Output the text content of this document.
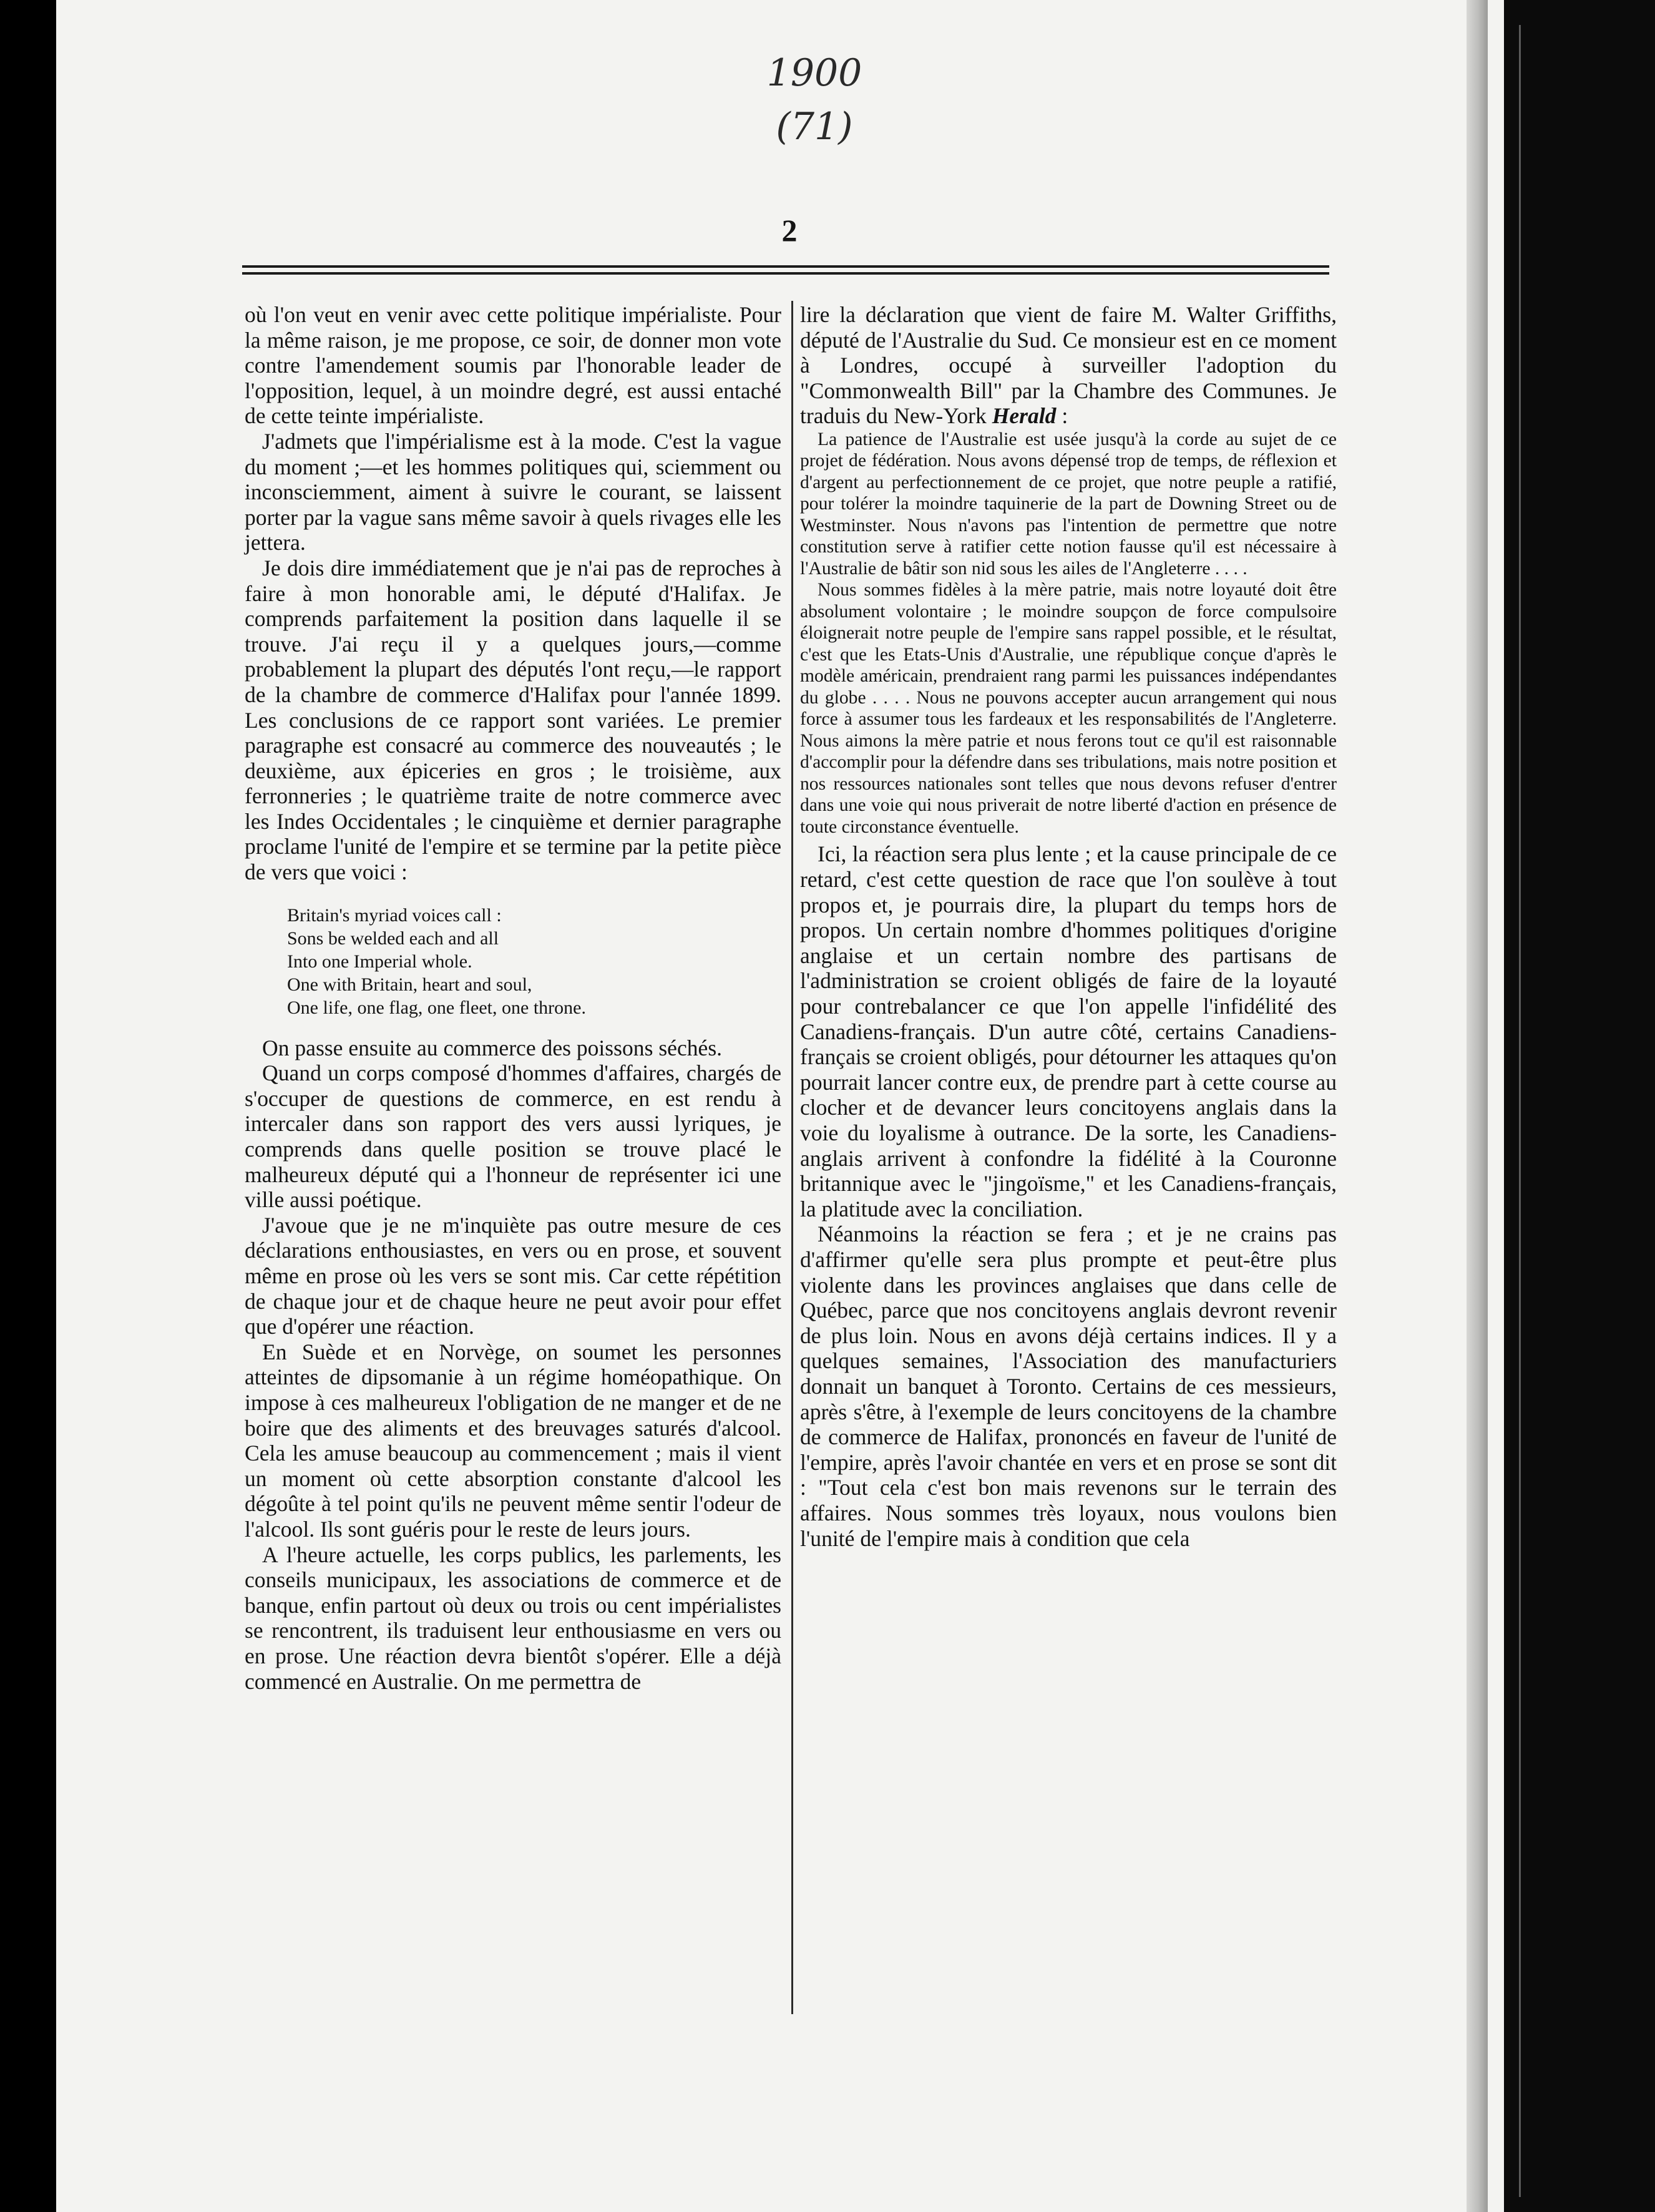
1900
(71)
2

où l'on veut en venir avec cette politique impérialiste. Pour la même raison, je me propose, ce soir, de donner mon vote contre l'amendement soumis par l'honorable leader de l'opposition, lequel, à un moindre degré, est aussi entaché de cette teinte impérialiste.

J'admets que l'impérialisme est à la mode. C'est la vague du moment ;—et les hommes politiques qui, sciemment ou inconsciemment, aiment à suivre le courant, se laissent porter par la vague sans même savoir à quels rivages elle les jettera.

Je dois dire immédiatement que je n'ai pas de reproches à faire à mon honorable ami, le député d'Halifax. Je comprends parfaitement la position dans laquelle il se trouve. J'ai reçu il y a quelques jours,—comme probablement la plupart des députés l'ont reçu,—le rapport de la chambre de commerce d'Halifax pour l'année 1899. Les conclusions de ce rapport sont variées. Le premier paragraphe est consacré au commerce des nouveautés ; le deuxième, aux épiceries en gros ; le troisième, aux ferronneries ; le quatrième traite de notre commerce avec les Indes Occidentales ; le cinquième et dernier paragraphe proclame l'unité de l'empire et se termine par la petite pièce de vers que voici :

Britain's myriad voices call :
Sons be welded each and all
Into one Imperial whole.
One with Britain, heart and soul,
One life, one flag, one fleet, one throne.

On passe ensuite au commerce des poissons séchés.

Quand un corps composé d'hommes d'affaires, chargés de s'occuper de questions de commerce, en est rendu à intercaler dans son rapport des vers aussi lyriques, je comprends dans quelle position se trouve placé le malheureux député qui a l'honneur de représenter ici une ville aussi poétique.

J'avoue que je ne m'inquiète pas outre mesure de ces déclarations enthousiastes, en vers ou en prose, et souvent même en prose où les vers se sont mis. Car cette répétition de chaque jour et de chaque heure ne peut avoir pour effet que d'opérer une réaction.

En Suède et en Norvège, on soumet les personnes atteintes de dipsomanie à un régime homéopathique. On impose à ces malheureux l'obligation de ne manger et de ne boire que des aliments et des breuvages saturés d'alcool. Cela les amuse beaucoup au commencement ; mais il vient un moment où cette absorption constante d'alcool les dégoûte à tel point qu'ils ne peuvent même sentir l'odeur de l'alcool. Ils sont guéris pour le reste de leurs jours.

A l'heure actuelle, les corps publics, les parlements, les conseils municipaux, les associations de commerce et de banque, enfin partout où deux ou trois ou cent impérialistes se rencontrent, ils traduisent leur enthousiasme en vers ou en prose. Une réaction devra bientôt s'opérer. Elle a déjà commencé en Australie. On me permettra de

lire la déclaration que vient de faire M. Walter Griffiths, député de l'Australie du Sud. Ce monsieur est en ce moment à Londres, occupé à surveiller l'adoption du "Commonwealth Bill" par la Chambre des Communes. Je traduis du New-York Herald :

La patience de l'Australie est usée jusqu'à la corde au sujet de ce projet de fédération. Nous avons dépensé trop de temps, de réflexion et d'argent au perfectionnement de ce projet, que notre peuple a ratifié, pour tolérer la moindre taquinerie de la part de Downing Street ou de Westminster. Nous n'avons pas l'intention de permettre que notre constitution serve à ratifier cette notion fausse qu'il est nécessaire à l'Australie de bâtir son nid sous les ailes de l'Angleterre . . . .

Nous sommes fidèles à la mère patrie, mais notre loyauté doit être absolument volontaire ; le moindre soupçon de force compulsoire éloignerait notre peuple de l'empire sans rappel possible, et le résultat, c'est que les Etats-Unis d'Australie, une république conçue d'après le modèle américain, prendraient rang parmi les puissances indépendantes du globe . . . . Nous ne pouvons accepter aucun arrangement qui nous force à assumer tous les fardeaux et les responsabilités de l'Angleterre. Nous aimons la mère patrie et nous ferons tout ce qu'il est raisonnable d'accomplir pour la défendre dans ses tribulations, mais notre position et nos ressources nationales sont telles que nous devons refuser d'entrer dans une voie qui nous priverait de notre liberté d'action en présence de toute circonstance éventuelle.

Ici, la réaction sera plus lente ; et la cause principale de ce retard, c'est cette question de race que l'on soulève à tout propos et, je pourrais dire, la plupart du temps hors de propos. Un certain nombre d'hommes politiques d'origine anglaise et un certain nombre des partisans de l'administration se croient obligés de faire de la loyauté pour contrebalancer ce que l'on appelle l'infidélité des Canadiens-français. D'un autre côté, certains Canadiens-français se croient obligés, pour détourner les attaques qu'on pourrait lancer contre eux, de prendre part à cette course au clocher et de devancer leurs concitoyens anglais dans la voie du loyalisme à outrance. De la sorte, les Canadiens-anglais arrivent à confondre la fidélité à la Couronne britannique avec le "jingoïsme," et les Canadiens-français, la platitude avec la conciliation.

Néanmoins la réaction se fera ; et je ne crains pas d'affirmer qu'elle sera plus prompte et peut-être plus violente dans les provinces anglaises que dans celle de Québec, parce que nos concitoyens anglais devront revenir de plus loin. Nous en avons déjà certains indices. Il y a quelques semaines, l'Association des manufacturiers donnait un banquet à Toronto. Certains de ces messieurs, après s'être, à l'exemple de leurs concitoyens de la chambre de commerce de Halifax, prononcés en faveur de l'unité de l'empire, après l'avoir chantée en vers et en prose se sont dit : "Tout cela c'est bon mais revenons sur le terrain des affaires. Nous sommes très loyaux, nous voulons bien l'unité de l'empire mais à condition que cela
